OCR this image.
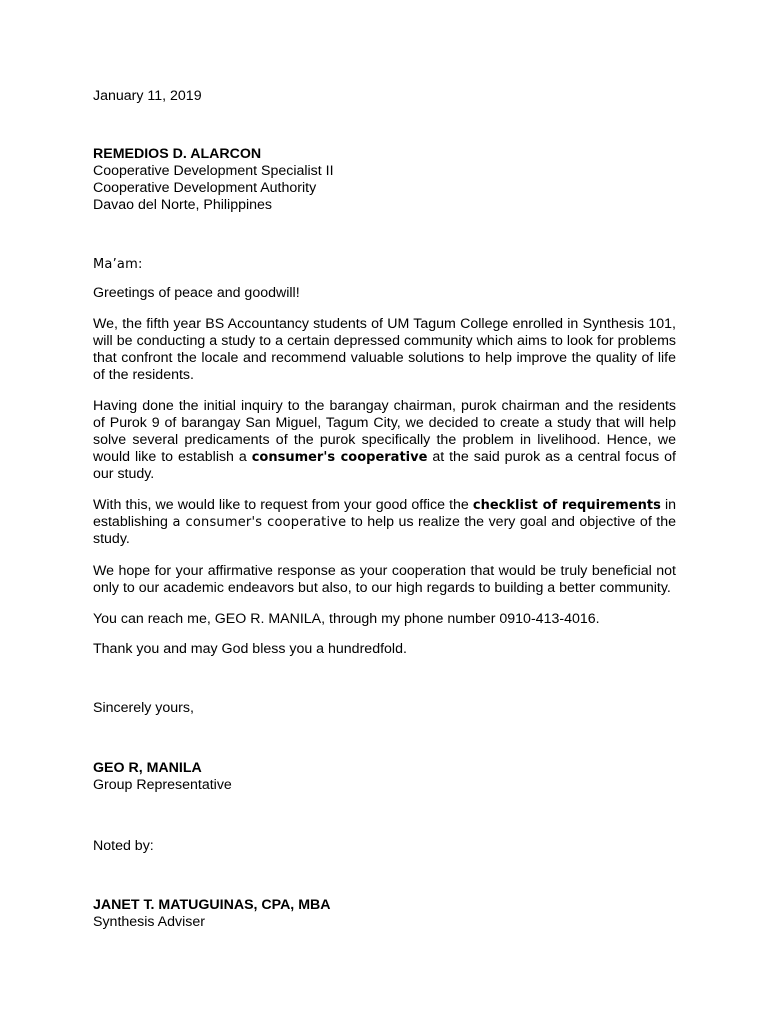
January 11, 2019

REMEDIOS D. ALARCON
Cooperative Development Specialist II
Cooperative Development Authority
Davao del Norte, Philippines

Ma’am:

Greetings of peace and goodwill!

We, the fifth year BS Accountancy students of UM Tagum College enrolled in Synthesis 101, will be conducting a study to a certain depressed community which aims to look for problems that confront the locale and recommend valuable solutions to help improve the quality of life of the residents.

Having done the initial inquiry to the barangay chairman, purok chairman and the residents of Purok 9 of barangay San Miguel, Tagum City, we decided to create a study that will help solve several predicaments of the purok specifically the problem in livelihood. Hence, we would like to establish a consumer's cooperative at the said purok as a central focus of our study.

With this, we would like to request from your good office the checklist of requirements in establishing a consumer's cooperative to help us realize the very goal and objective of the study.

We hope for your affirmative response as your cooperation that would be truly beneficial not only to our academic endeavors but also, to our high regards to building a better community.

You can reach me, GEO R. MANILA, through my phone number 0910-413-4016.

Thank you and may God bless you a hundredfold.

Sincerely yours,

GEO R, MANILA
Group Representative

Noted by:

JANET T. MATUGUINAS, CPA, MBA
Synthesis Adviser
